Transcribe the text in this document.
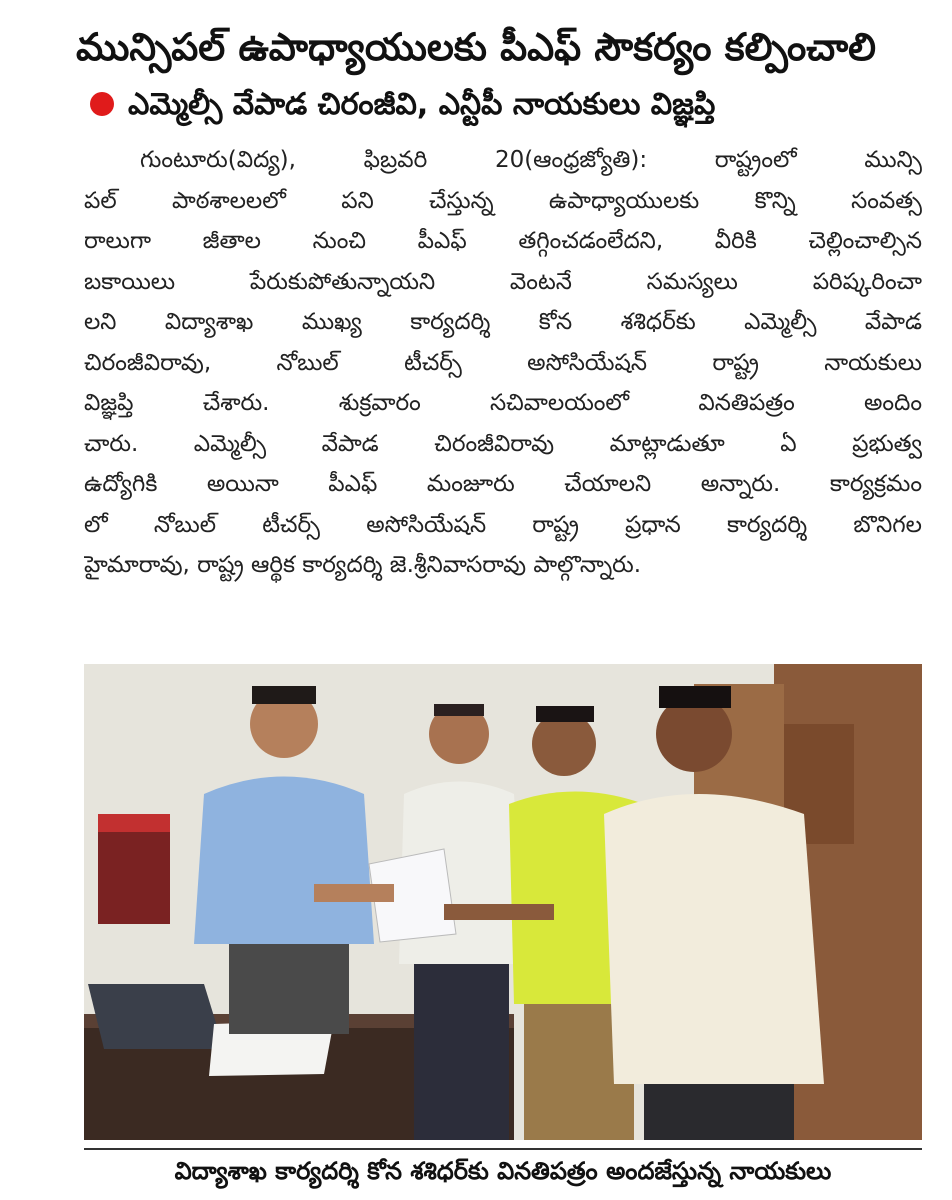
మున్సిపల్ ఉపాధ్యాయులకు పీఎఫ్ సౌకర్యం కల్పించాలి
ఎమ్మెల్సీ వేపాడ చిరంజీవి, ఎన్టీపీ నాయకులు విజ్ఞప్తి
గుంటూరు(విద్య), ఫిబ్రవరి 20(ఆంధ్రజ్యోతి): రాష్ట్రంలో మున్సి
పల్ పాఠశాలలలో పని చేస్తున్న ఉపాధ్యాయులకు కొన్ని సంవత్స
రాలుగా జీతాల నుంచి పీఎఫ్ తగ్గించడంలేదని, వీరికి చెల్లించాల్సిన
బకాయిలు పేరుకుపోతున్నాయని వెంటనే సమస్యలు పరిష్కరించా
లని విద్యాశాఖ ముఖ్య కార్యదర్శి కోన శశిధర్‌కు ఎమ్మెల్సీ వేపాడ
చిరంజీవిరావు, నోబుల్ టీచర్స్ అసోసియేషన్ రాష్ట్ర నాయకులు
విజ్ఞప్తి చేశారు. శుక్రవారం సచివాలయంలో వినతిపత్రం అందిం
చారు. ఎమ్మెల్సీ వేపాడ చిరంజీవిరావు మాట్లాడుతూ ఏ ప్రభుత్వ
ఉద్యోగికి అయినా పీఎఫ్ మంజూరు చేయాలని అన్నారు. కార్యక్రమం
లో నోబుల్ టీచర్స్ అసోసియేషన్ రాష్ట్ర ప్రధాన కార్యదర్శి బొనిగల
హైమారావు, రాష్ట్ర ఆర్థిక కార్యదర్శి జె.శ్రీనివాసరావు పాల్గొన్నారు.
విద్యాశాఖ కార్యదర్శి కోన శశిధర్‌కు వినతిపత్రం అందజేస్తున్న నాయకులు
